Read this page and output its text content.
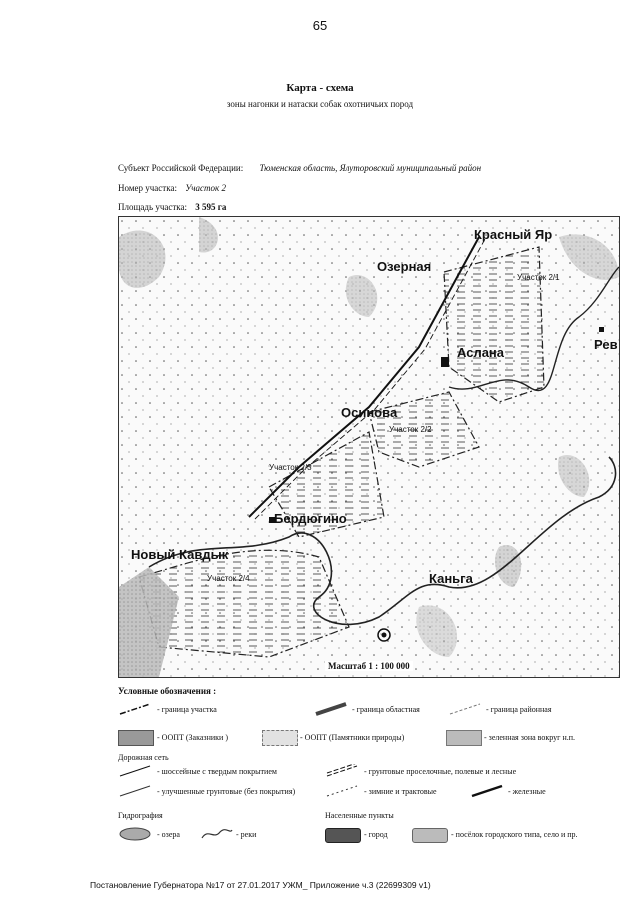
65
Карта - схема
зоны нагонки и натаски собак охотничьих пород
Субъект Российской Федерации: Тюменская область, Ялуторовский муниципальный район
Номер участка: Участок 2
Площадь участка: 3 595 га
Красный Яр
Озерная
Аслана
Осинова
Бердюгино
Новый Кавдык
Каньга
Рев
Участок 2/1
Участок 2/2
Участок 2/3
Участок 2/4
Масштаб 1 : 100 000
Условные обозначения :
- граница участка	- граница областная	- граница районная
- ООПТ (Заказники )	- ООПТ (Памятники природы)	- зеленная зона вокруг н.п.
Дорожная сеть
- шоссейные с твердым покрытием	- грунтовые проселочные, полевые и лесные
- улучшенные грунтовые (без покрытия)	- зимние и трактовые	- железные
Гидрография
- озера	- реки
Населенные пункты
- город	- посёлок городского типа, село и пр.
Постановление Губернатора №17 от 27.01.2017 УЖМ_ Приложение ч.3 (22699309 v1)
